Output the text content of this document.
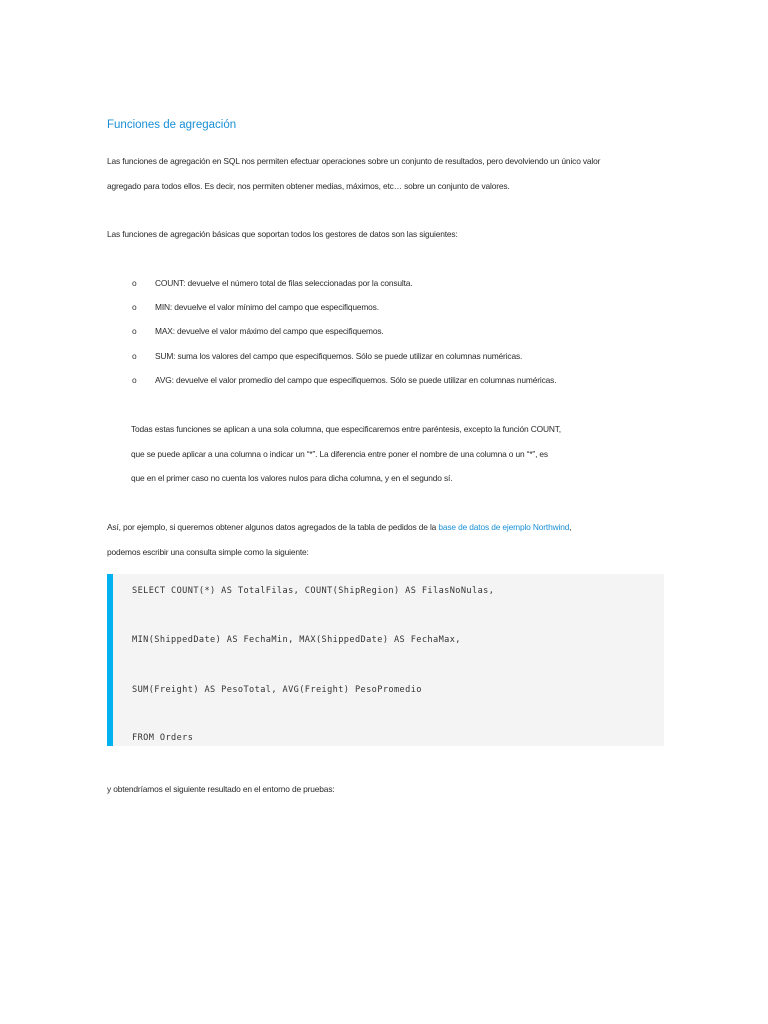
Funciones de agregación
Las funciones de agregación en SQL nos permiten efectuar operaciones sobre un conjunto de resultados, pero devolviendo un único valor
agregado para todos ellos. Es decir, nos permiten obtener medias, máximos, etc… sobre un conjunto de valores.
Las funciones de agregación básicas que soportan todos los gestores de datos son las siguientes:
o COUNT: devuelve el número total de filas seleccionadas por la consulta.
o MIN: devuelve el valor mínimo del campo que especifiquemos.
o MAX: devuelve el valor máximo del campo que especifiquemos.
o SUM: suma los valores del campo que especifiquemos. Sólo se puede utilizar en columnas numéricas.
o AVG: devuelve el valor promedio del campo que especifiquemos. Sólo se puede utilizar en columnas numéricas.
Todas estas funciones se aplican a una sola columna, que especificaremos entre paréntesis, excepto la función COUNT,
que se puede aplicar a una columna o indicar un “*”. La diferencia entre poner el nombre de una columna o un “*”, es
que en el primer caso no cuenta los valores nulos para dicha columna, y en el segundo sí.
Así, por ejemplo, si queremos obtener algunos datos agregados de la tabla de pedidos de la base de datos de ejemplo Northwind,
podemos escribir una consulta simple como la siguiente:
SELECT COUNT(*) AS TotalFilas, COUNT(ShipRegion) AS FilasNoNulas,
MIN(ShippedDate) AS FechaMin, MAX(ShippedDate) AS FechaMax,
SUM(Freight) AS PesoTotal, AVG(Freight) PesoPromedio
FROM Orders
y obtendríamos el siguiente resultado en el entorno de pruebas:
